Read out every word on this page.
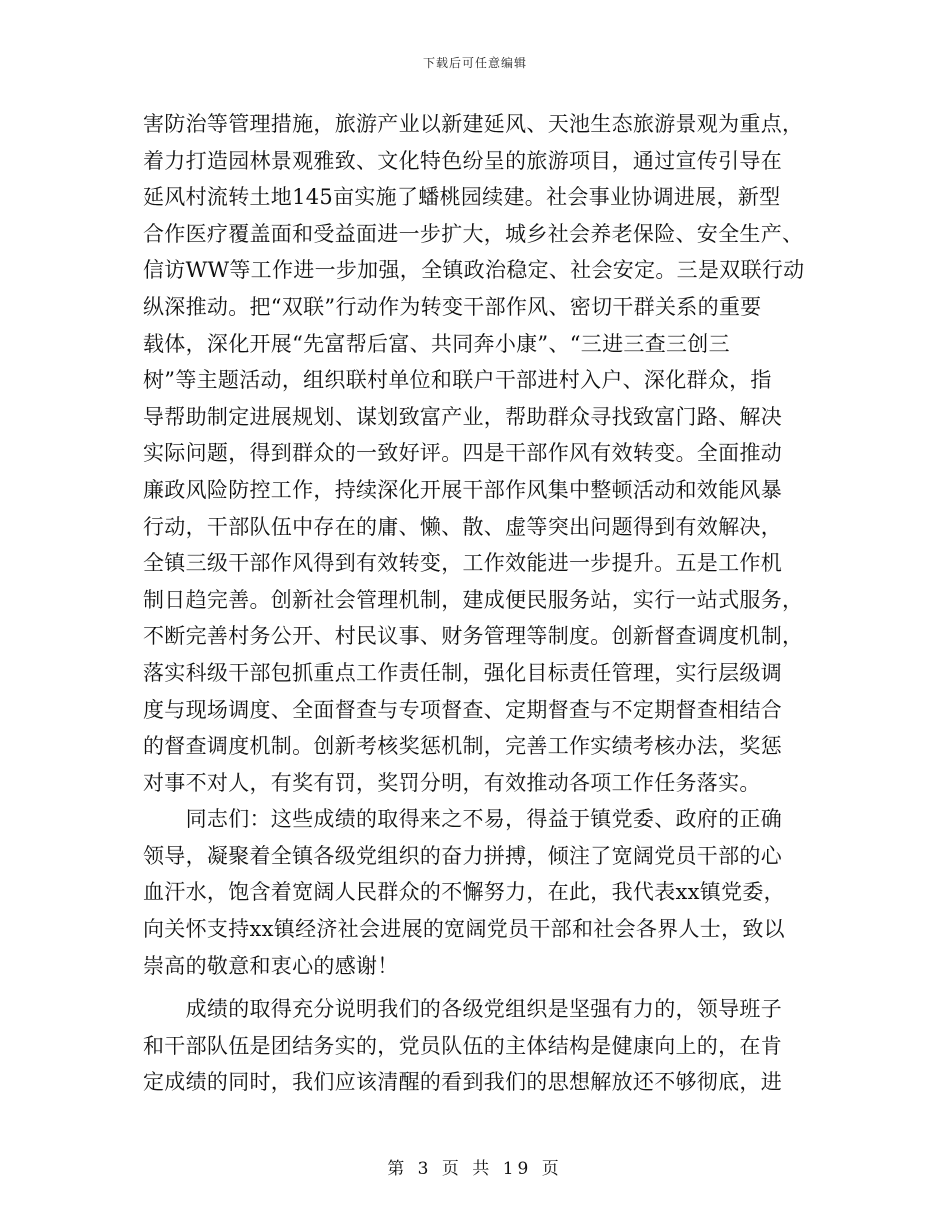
下载后可任意编辑
害防治等管理措施，旅游产业以新建延风、天池生态旅游景观为重点，
着力打造园林景观雅致、文化特色纷呈的旅游项目，通过宣传引导在
延风村流转土地145亩实施了蟠桃园续建。社会事业协调进展，新型
合作医疗覆盖面和受益面进一步扩大，城乡社会养老保险、安全生产、
信访WW等工作进一步加强，全镇政治稳定、社会安定。三是双联行动
纵深推动。把“双联”行动作为转变干部作风、密切干群关系的重要
载体，深化开展“先富帮后富、共同奔小康”、“三进三查三创三
树”等主题活动，组织联村单位和联户干部进村入户、深化群众，指
导帮助制定进展规划、谋划致富产业，帮助群众寻找致富门路、解决
实际问题，得到群众的一致好评。四是干部作风有效转变。全面推动
廉政风险防控工作，持续深化开展干部作风集中整顿活动和效能风暴
行动，干部队伍中存在的庸、懒、散、虚等突出问题得到有效解决，
全镇三级干部作风得到有效转变，工作效能进一步提升。五是工作机
制日趋完善。创新社会管理机制，建成便民服务站，实行一站式服务，
不断完善村务公开、村民议事、财务管理等制度。创新督查调度机制，
落实科级干部包抓重点工作责任制，强化目标责任管理，实行层级调
度与现场调度、全面督查与专项督查、定期督查与不定期督查相结合
的督查调度机制。创新考核奖惩机制，完善工作实绩考核办法，奖惩
对事不对人，有奖有罚，奖罚分明，有效推动各项工作任务落实。
　　同志们：这些成绩的取得来之不易，得益于镇党委、政府的正确
领导，凝聚着全镇各级党组织的奋力拼搏，倾注了宽阔党员干部的心
血汗水，饱含着宽阔人民群众的不懈努力，在此，我代表xx镇党委，
向关怀支持xx镇经济社会进展的宽阔党员干部和社会各界人士，致以
崇高的敬意和衷心的感谢！
　　成绩的取得充分说明我们的各级党组织是坚强有力的，领导班子
和干部队伍是团结务实的，党员队伍的主体结构是健康向上的，在肯
定成绩的同时，我们应该清醒的看到我们的思想解放还不够彻底，进
第 3 页 共 19 页
